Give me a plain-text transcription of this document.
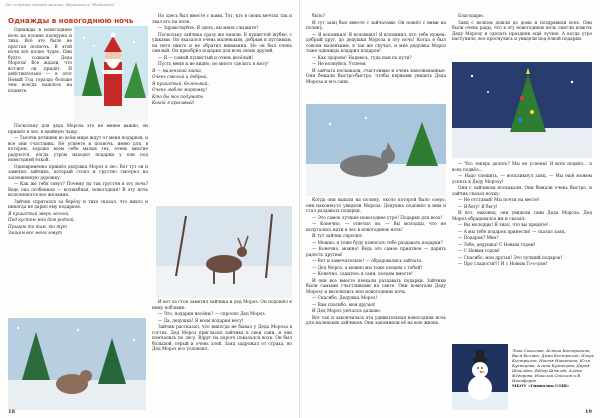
Не ссорьте детям мечты. Вертикаль "Надежда"
Однажды в новогоднюю ночь

Однажды в новогоднюю ночь на поляне пасмурно и тихо. Всё это было не простая полночь. В этой ночи всё полно чудес. Они будто созвали Деда Мороза! Все ждали, что вот-вот он придёт. И действительно — в этот Новый Год гораздо больше чем всегда нашлось на планете.

Поскольку для деда Мороза это не менее важно, он пришёл в лес, в хвойную чащу.

— Тысячи детишек во всём мире ждут от меня подарков, и все они счастливы. Не успеете и полночь, имею для, в котором, хорошо всем себе малых тех, очень многие радуются, когда утром находят подарки у ели под новогодней ёлкой.

Одновременно пришёл дедушка Мороз в лес. Вот тут он и заметил зайчика, который стоял и грустно смотрел на заснеженную дорожку.

— Как же тебя зовут? Почему ты так грустен в эту ночь? Ведь она особенная — волшебная, новогодняя! В эту ночь исполняются все желания.

Зайчик спрятался за берёзу и тихо сказал, что никто и никогда не дарил ему подарков.

Я пушистый зверь лесной,

Под кустом мой дом родной,

Прыгаю то там, то тут

Зайцем все меня зовут

Но здесь был вместе с нами. Тот, кто в своих мечтах так и звал его на поле.

— Здравствуйте. Я здесь, вы меня слышите?

Поскольку зайчика сразу же нашли. В пушистой шубке, с ушками. Он оказался очень маленьким, добрым и пугливым, на него никто и не обратил внимания. Но он был очень смелый. Он приобрёл подарки для всех своих друзей.

— Я — самый пушистый и очень весёлый!

Пусть меня и не видно, но много сделать я могу!

Я — маленький зайка,

Очень смелый и добрый,

Я пушистый, беленький,

Очень люблю морковку!

Кто бы мог подумать

Какой я красивый!

И вот за стоя заметил зайчика и дед Мороз. Он подошёл к нему поближе.

— Что, подарки несёшь? — спросил Дед Мороз.

— Да, дедушка! Я всем подарки несу!

Зайчик рассказал, что никогда не бывал у Деда Мороза в гостях. Дед Мороз пригласил зайчика в свои сани, и они помчались по лесу. Вдруг на дороге показался волк. Он был большой, серый и очень злой. Заяц задрожал от страха, но Дед Мороз его успокоил.

18

быть?

И тут заяц был вместе с зайчатами. Он пошёл с ними на поляну.

— Я вспомнил! Я вспомнил! Я вспомнил, кто тебе нужен: добрый друг, до дедушки Мороза в эту ночь! Когда я был совсем маленьким, я так же скучал, и мне дедушка Мороз тоже однажды подарил подарок!

— Как здорово! Надеюсь, туда нам по пути?

— Не волнуйся. Успеем.

И зайчата поскакали, счастливые и очень взволнованные. Они бежали быстро-быстро, чтобы первыми увидеть Деда Мороза и его сани.

Когда они вышли на поляну, около которой было озеро, они наконец-то увидели Мороза. Дедушка подошёл к ним и стал раздавать подарки.

— Это самое лучшее новогоднее утро! Подарки для всех!

— Конечно, — ответил он. — Вы молодцы, что не испугались идти в лес в новогоднюю ночь!

И тут зайчик спросил:

— Можно, я тоже буду помогать тебе раздавать подарки?

— Конечно, можно! Ведь это самое приятное — дарить радость другим!

— Вот и замечательно! — обрадовались зайчата.

— Дед Мороз, а можно мы тоже поедем с тобой?

— Конечно, садитесь в сани, поедем вместе!

И они все вместе поехали раздавать подарки. Зайчики были самыми счастливыми на свете. Они помогали Деду Морозу и веселились всю новогоднюю ночь.

— Спасибо, Дедушка Мороз!

— Вам спасибо, мои друзья!

И Дед Мороз умчался дальше.

Вот так и закончилась эта удивительная новогодняя ночь для маленьких зайчиков. Они запомнили её на всю жизнь.

Благодарю.

Заяц с волком дошли до дома и поздравили всех. Они были очень рады, что в эту новогоднюю ночь смогли помочь Деду Морозу и сделать праздник ещё лучше. А когда утро наступило, все проснулись и увидели под ёлкой подарки.

— Что теперь делать? Мы не успеем! Я всех подвёл… я всех подвёл…

— Надо спешить, — воскликнул заяц. — Мы ещё можем успеть к Деду Морозу!

Они с зайчиком поскакали. Они бежали очень быстро, и зайчик сказал волку:

— Не отставай! Мы почти на месте!

— Я бегу! Я бегу!

И вот, наконец, они увидели сани Деда Мороза. Дед Мороз обрадовался им и сказал:

— Вы молодцы! Я знал, что вы придёте!

— А мы тебе подарок принесли! — сказал заяц.

— Подарок? Мне?

— Тебе, дедушка! С Новым годом!

— С Новым годом!

— Спасибо, мои друзья! Это лучший подарок!

— Про сладости!!! И с Новым Го-о-дом!

Лиза Соколова, Ксюша Кострыгина, Вася Беляев, Дима Кострыгин, Игорь Кострыгин, Настя Никитина, Юля Кузнецова, Алина Кузнецова, Дарья Шмелёва, Фёдор Шмелёв, Алёна Фёдорова, Николай Соколов и В. Никифоров
МБОУ «Гимназия СОШ»
19
